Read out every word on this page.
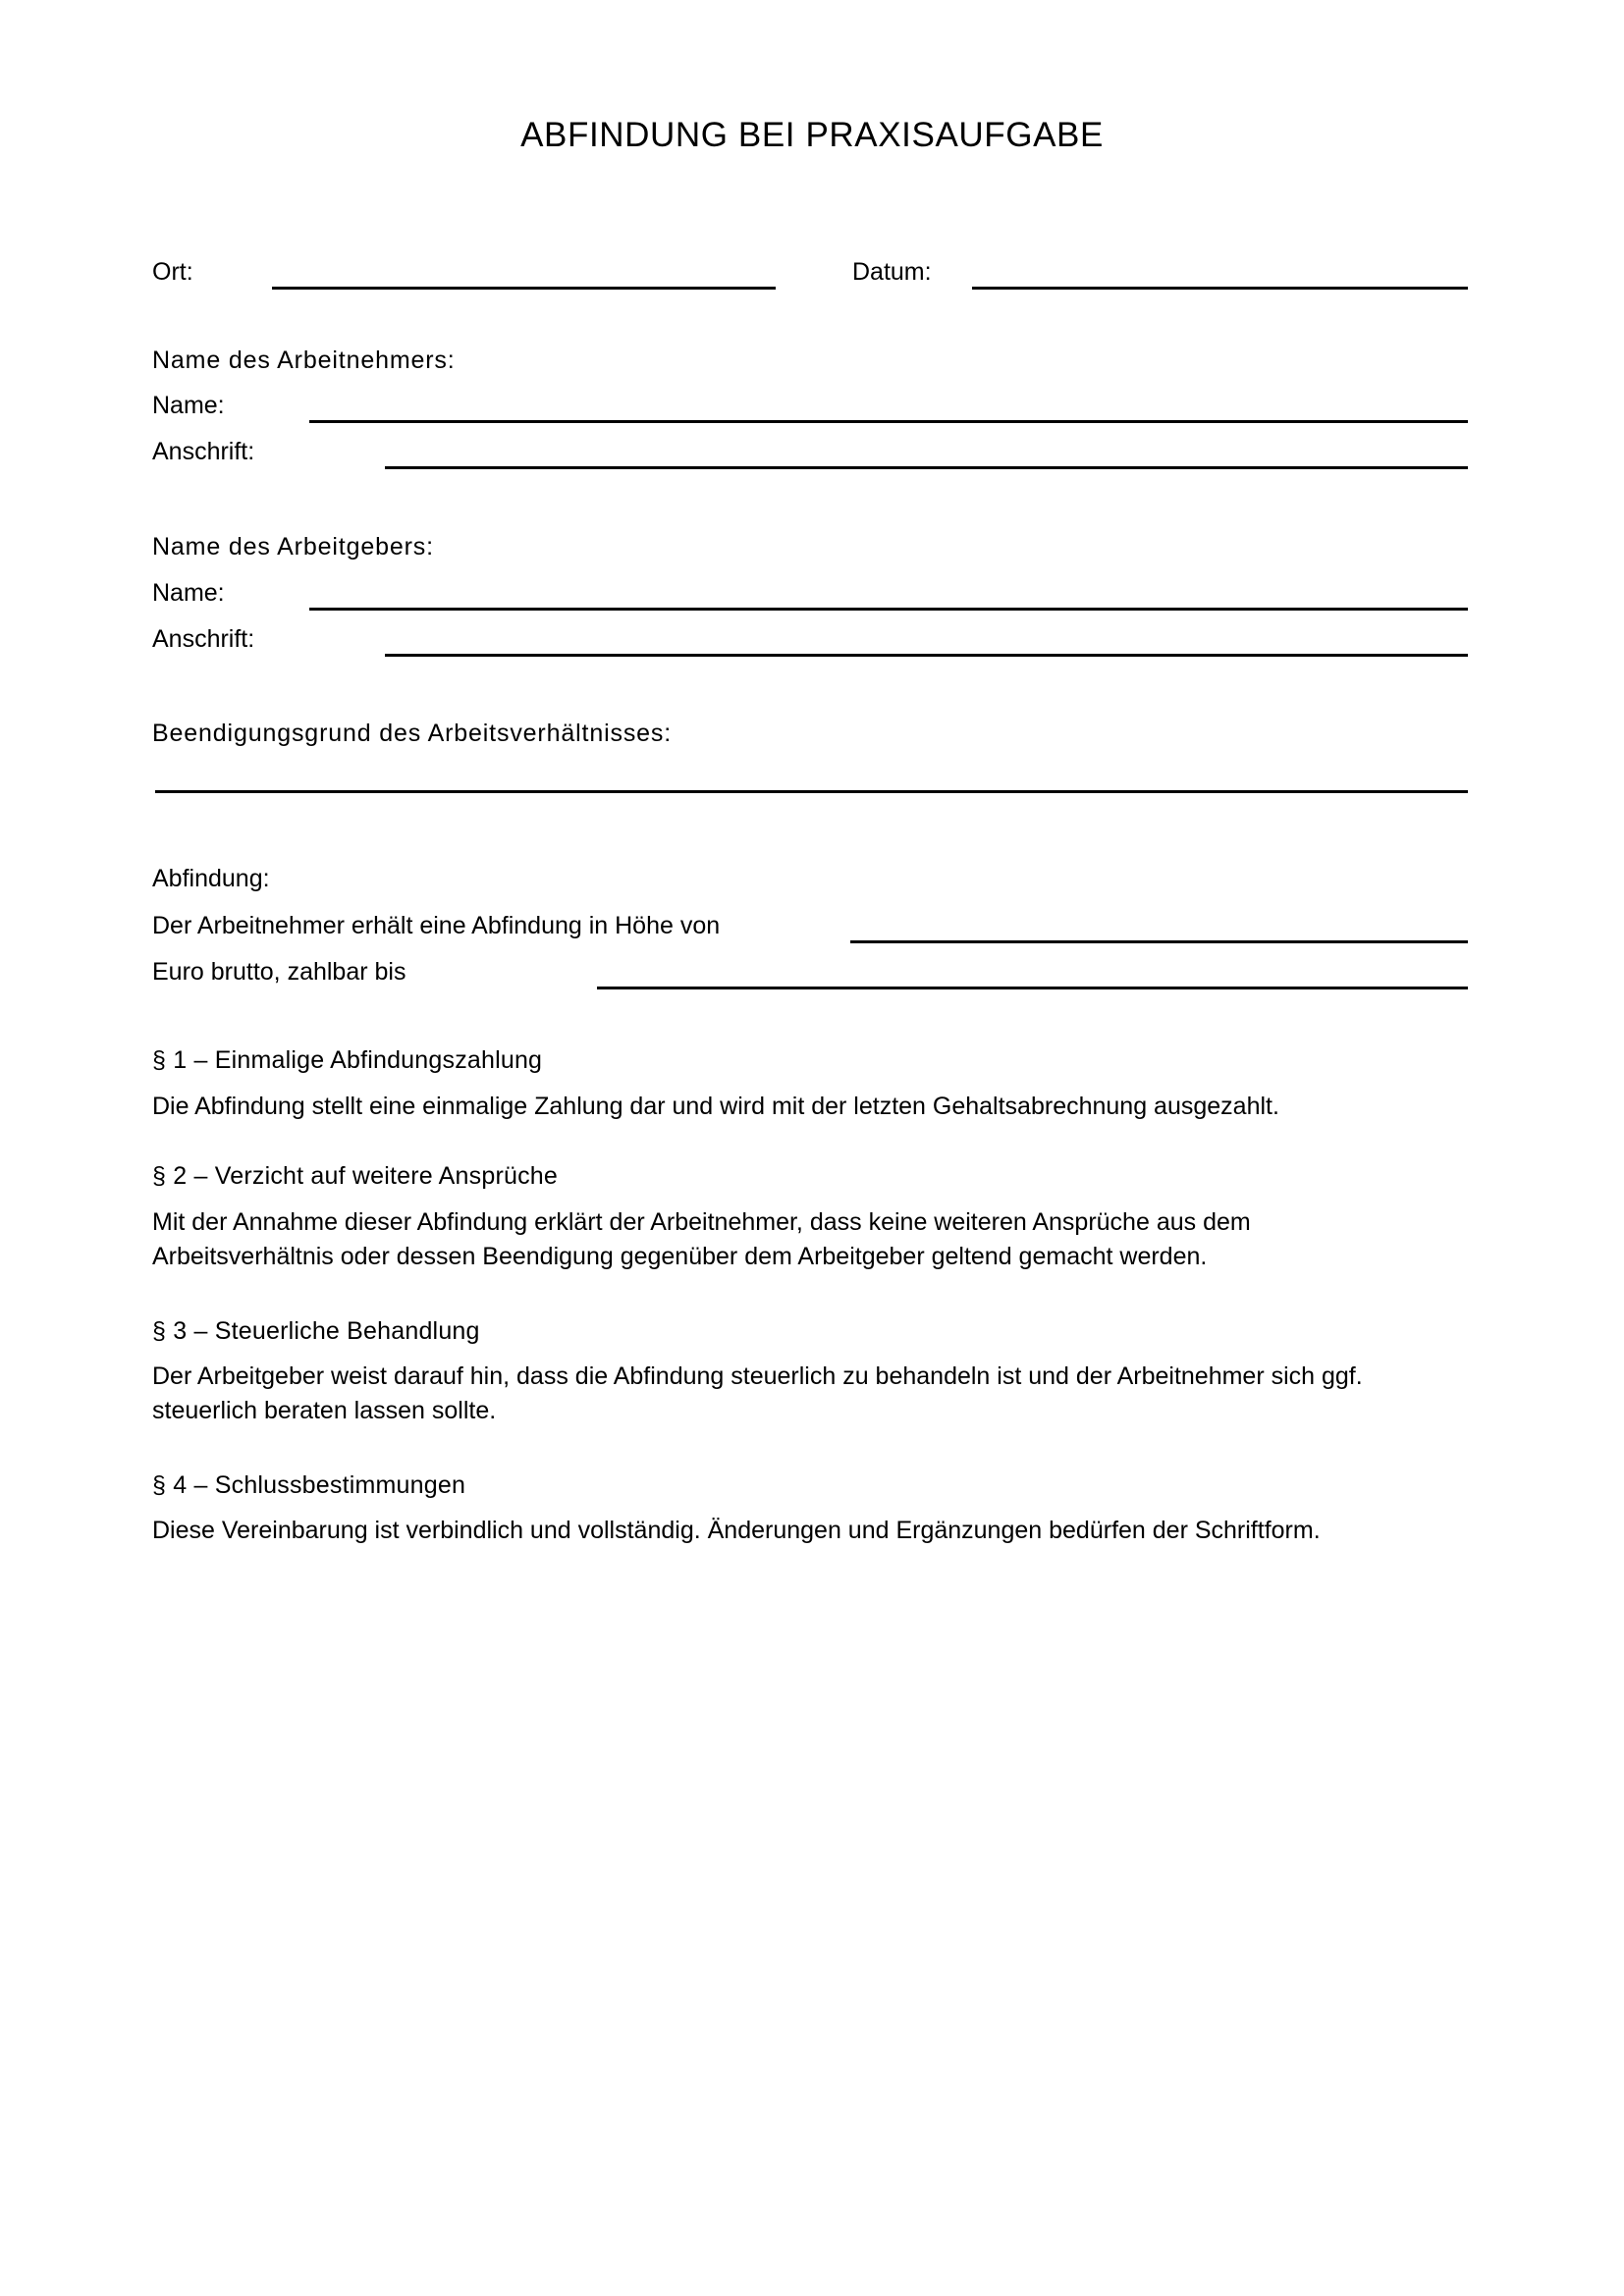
ABFINDUNG BEI PRAXISAUFGABE
Ort:	Datum:
Name des Arbeitnehmers:
Name:
Anschrift:
Name des Arbeitgebers:
Name:
Anschrift:
Beendigungsgrund des Arbeitsverhältnisses:
Abfindung:
Der Arbeitnehmer erhält eine Abfindung in Höhe von
Euro brutto, zahlbar bis
§ 1 – Einmalige Abfindungszahlung
Die Abfindung stellt eine einmalige Zahlung dar und wird mit der letzten Gehaltsabrechnung ausgezahlt.
§ 2 – Verzicht auf weitere Ansprüche
Mit der Annahme dieser Abfindung erklärt der Arbeitnehmer, dass keine weiteren Ansprüche aus dem Arbeitsverhältnis oder dessen Beendigung gegenüber dem Arbeitgeber geltend gemacht werden.
§ 3 – Steuerliche Behandlung
Der Arbeitgeber weist darauf hin, dass die Abfindung steuerlich zu behandeln ist und der Arbeitnehmer sich ggf. steuerlich beraten lassen sollte.
§ 4 – Schlussbestimmungen
Diese Vereinbarung ist verbindlich und vollständig. Änderungen und Ergänzungen bedürfen der Schriftform.
